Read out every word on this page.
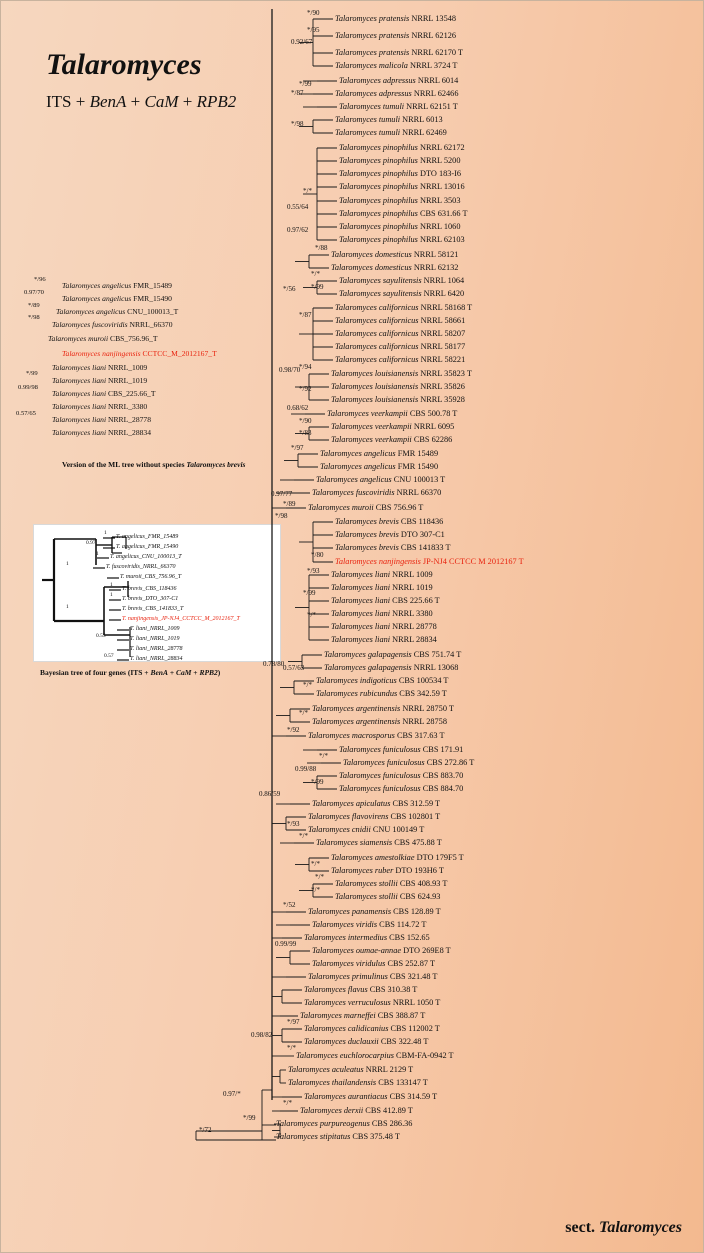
Talaromyces
ITS + BenA + CaM + RPB2
sect. Talaromyces
Version of the ML tree without species Talaromyces brevis
Bayesian tree of four genes (ITS + BenA + CaM + RPB2)
Talaromyces pratensis NRRL 13548
Talaromyces pratensis NRRL 62126
Talaromyces pratensis NRRL 62170 T
Talaromyces malicola NRRL 3724 T
Talaromyces adpressus NRRL 6014
Talaromyces adpressus NRRL 62466
Talaromyces tumuli NRRL 62151 T
Talaromyces tumuli NRRL 6013
Talaromyces tumuli NRRL 62469
Talaromyces pinophilus NRRL 62172
Talaromyces pinophilus NRRL 5200
Talaromyces pinophilus DTO 183-I6
Talaromyces pinophilus NRRL 13016
Talaromyces pinophilus NRRL 3503
Talaromyces pinophilus CBS 631.66 T
Talaromyces pinophilus NRRL 1060
Talaromyces pinophilus NRRL 62103
Talaromyces domesticus NRRL 58121
Talaromyces domesticus NRRL 62132
Talaromyces sayulitensis NRRL 1064
Talaromyces sayulitensis NRRL 6420
Talaromyces californicus NRRL 58168 T
Talaromyces californicus NRRL 58661
Talaromyces californicus NRRL 58207
Talaromyces californicus NRRL 58177
Talaromyces californicus NRRL 58221
Talaromyces louisianensis NRRL 35823 T
Talaromyces louisianensis NRRL 35826
Talaromyces louisianensis NRRL 35928
Talaromyces veerkampii CBS 500.78 T
Talaromyces veerkampii NRRL 6095
Talaromyces veerkampii CBS 62286
Talaromyces angelicus FMR 15489
Talaromyces angelicus FMR 15490
Talaromyces angelicus CNU 100013 T
Talaromyces fuscoviridis NRRL 66370
Talaromyces muroii CBS 756.96 T
Talaromyces brevis CBS 118436
Talaromyces brevis DTO 307-C1
Talaromyces brevis CBS 141833 T
Talaromyces nanjingensis JP-NJ4 CCTCC M 2012167 T
Talaromyces liani NRRL 1009
Talaromyces liani NRRL 1019
Talaromyces liani CBS 225.66 T
Talaromyces liani NRRL 3380
Talaromyces liani NRRL 28778
Talaromyces liani NRRL 28834
Talaromyces galapagensis CBS 751.74 T
Talaromyces galapagensis NRRL 13068
Talaromyces indigoticus CBS 100534 T
Talaromyces rubicundus CBS 342.59 T
Talaromyces argentinensis NRRL 28750 T
Talaromyces argentinensis NRRL 28758
Talaromyces macrosporus CBS 317.63 T
Talaromyces funiculosus CBS 171.91
Talaromyces funiculosus CBS 272.86 T
Talaromyces funiculosus CBS 883.70
Talaromyces funiculosus CBS 884.70
Talaromyces apiculatus CBS 312.59 T
Talaromyces flavovirens CBS 102801 T
Talaromyces cnidii CNU 100149 T
Talaromyces siamensis CBS 475.88 T
Talaromyces amestolkiae DTO 179F5 T
Talaromyces ruber DTO 193H6 T
Talaromyces stollii CBS 408.93 T
Talaromyces stollii CBS 624.93
Talaromyces panamensis CBS 128.89 T
Talaromyces viridis CBS 114.72 T
Talaromyces intermedius CBS 152.65
Talaromyces oumae-annae DTO 269E8 T
Talaromyces viridulus CBS 252.87 T
Talaromyces primulinus CBS 321.48 T
Talaromyces flavus CBS 310.38 T
Talaromyces verruculosus NRRL 1050 T
Talaromyces marneffei CBS 388.87 T
Talaromyces calidicanius CBS 112002 T
Talaromyces duclauxii CBS 322.48 T
Talaromyces euchlorocarpius CBM-FA-0942 T
Talaromyces aculeatus NRRL 2129 T
Talaromyces thailandensis CBS 133147 T
Talaromyces aurantiacus CBS 314.59 T
Talaromyces derxii CBS 412.89 T
Talaromyces purpureogenus CBS 286.36
Talaromyces stipitatus CBS 375.48 T
*/90
*/95
0.92/67
*/99
*/87
*/98
*/*
0.55/64
0.97/62
*/88
*/*
*/99
*/56
*/87
0.98/70
*/94
*/92
0.68/62
*/90
*/83
*/97
0.97/77
*/89
*/98
*/80
*/93
*/*
*/99
0.57/63
0.78/80
*/*
*/*
*/92
*/*
0.99/88
*/99
0.86/59
*/93
*/*
*/*
*/*
*/*
*/52
0.99/99
*/97
0.98/82
*/*
*/*
0.97/*
*/99
*/72
Talaromyces angelicus FMR_15489
Talaromyces angelicus FMR_15490
Talaromyces angelicus CNU_100013_T
Talaromyces fuscoviridis NRRL_66370
Talaromyces muroii CBS_756.96_T
Talaromyces nanjingensis CCTCC_M_2012167_T
Talaromyces liani NRRL_1009
Talaromyces liani NRRL_1019
Talaromyces liani CBS_225.66_T
Talaromyces liani NRRL_3380
Talaromyces liani NRRL_28778
Talaromyces liani NRRL_28834
*/96
0.97/70
*/89
*/98
*/99
0.99/98
0.57/65
T. angelicus_FMR_15489
T. angelicus_FMR_15490
T. angelicus_CNU_100013_T
T. fuscoviridis_NRRL_66370
T. muroii_CBS_756.96_T
T. brevis_CBS_118436
T. brevis_DTO_307-C1
T. brevis_CBS_141833_T
T. nanjingensis_JP-NJ4_CCTCC_M_2012167_T
T. liani_NRRL_1009
T. liani_NRRL_1019
T. liani_NRRL_28778
T. liani_NRRL_28834
1
0.97
1
1
1
1
1
0.55
0.57
